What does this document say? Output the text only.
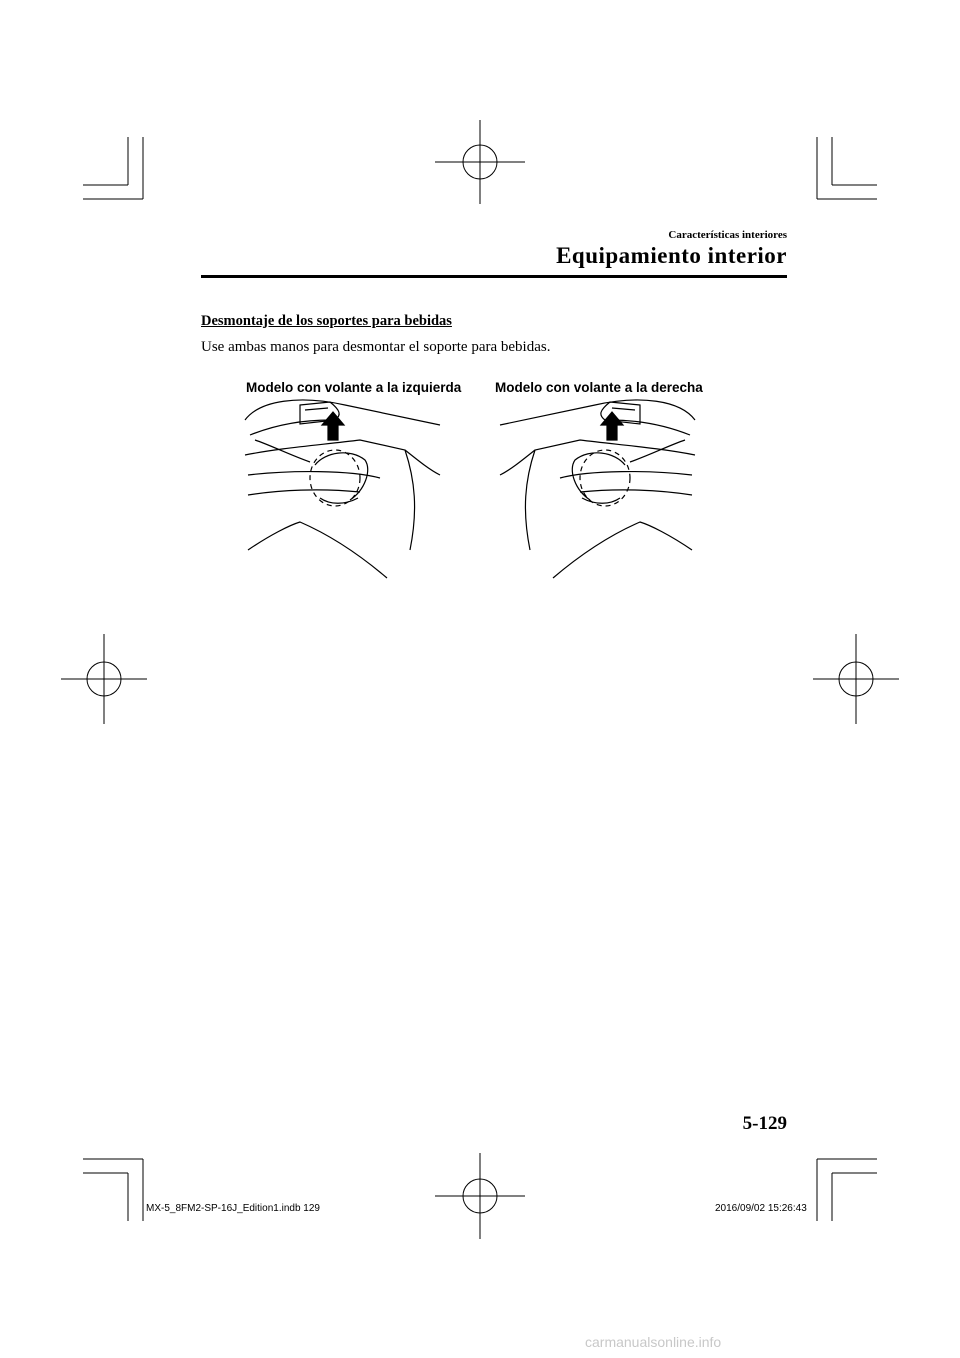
Características interiores
Equipamiento interior
Desmontaje de los soportes para bebidas
Use ambas manos para desmontar el soporte para bebidas.
Modelo con volante a la izquierda Modelo con volante a la derecha
5-129
MX-5_8FM2-SP-16J_Edition1.indb 129	2016/09/02 15:26:43
carmanualsonline.info
